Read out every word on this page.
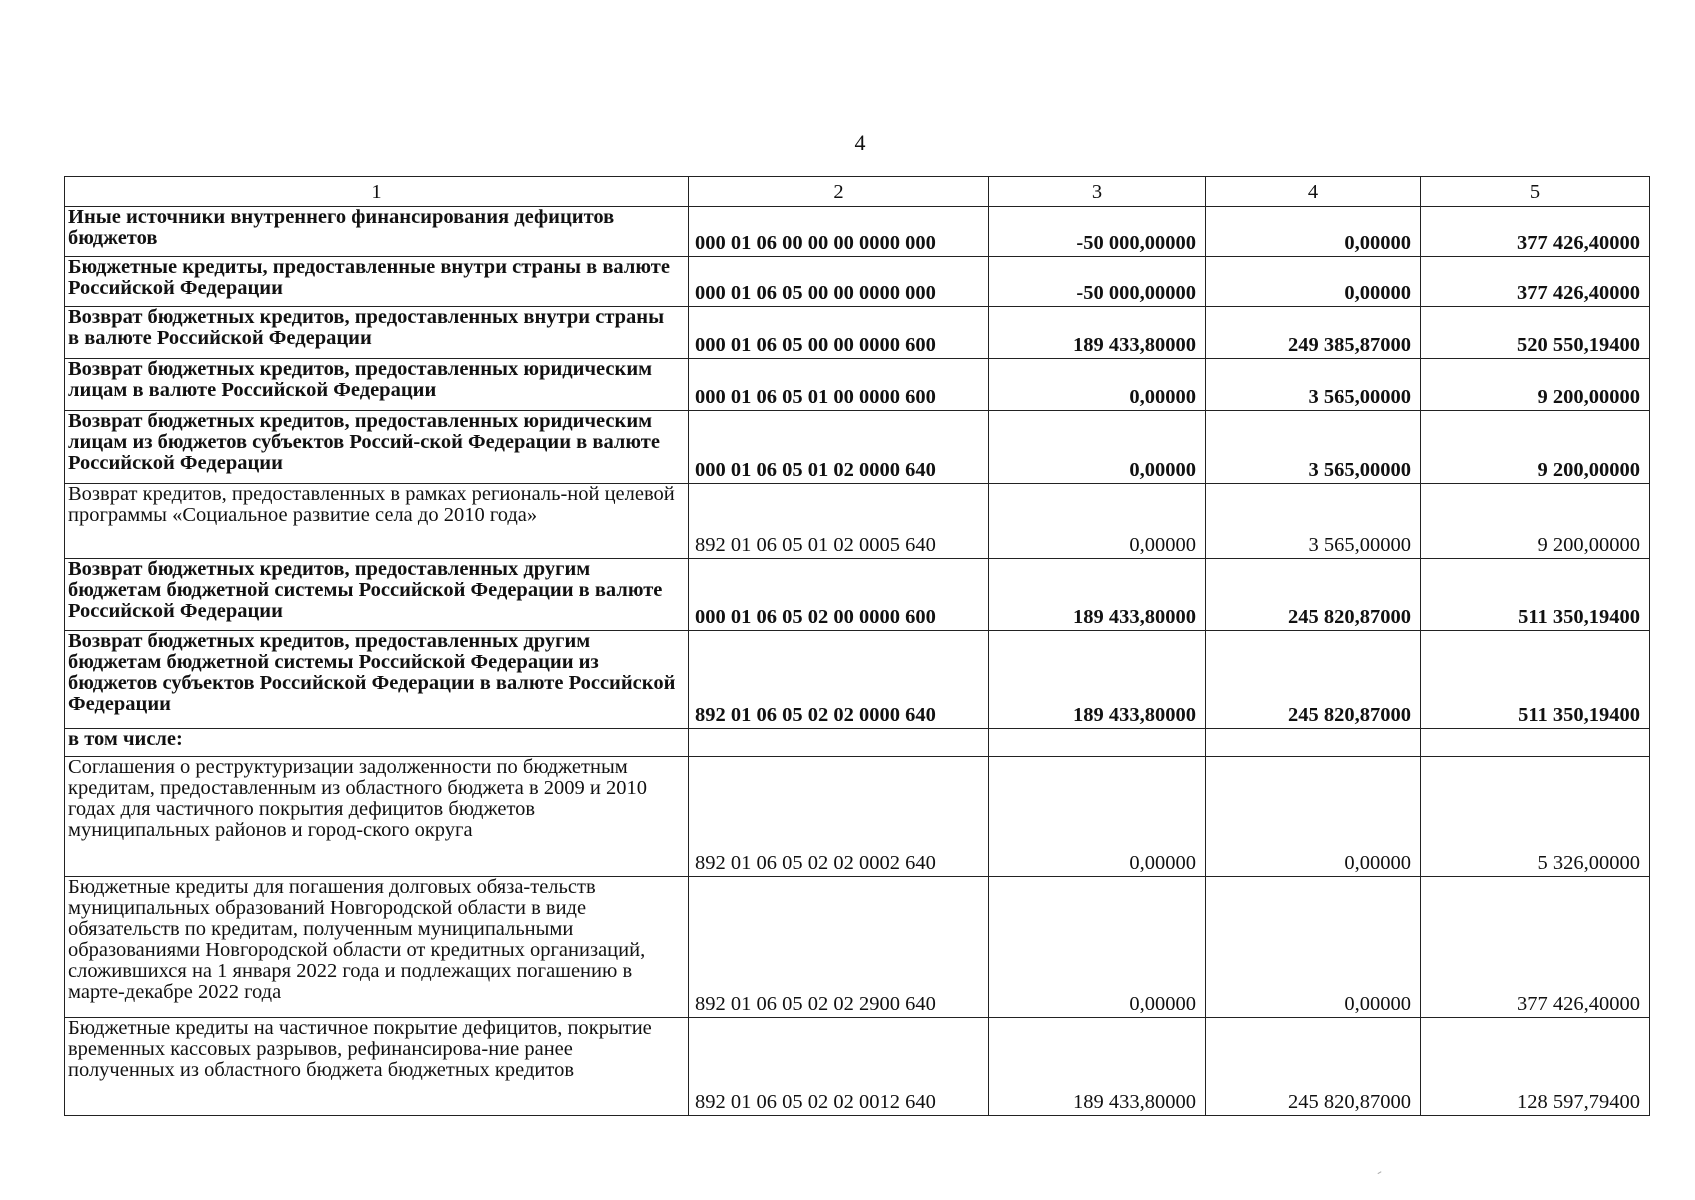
4
1	2	3	4	5
Иные источники внутреннего финансирования дефицитов бюджетов	000 01 06 00 00 00 0000 000	-50 000,00000	0,00000	377 426,40000
Бюджетные кредиты, предоставленные внутри страны в валюте Российской Федерации	000 01 06 05 00 00 0000 000	-50 000,00000	0,00000	377 426,40000
Возврат бюджетных кредитов, предоставленных внутри страны в валюте Российской Федерации	000 01 06 05 00 00 0000 600	189 433,80000	249 385,87000	520 550,19400
Возврат бюджетных кредитов, предоставленных юридическим лицам в валюте Российской Федерации	000 01 06 05 01 00 0000 600	0,00000	3 565,00000	9 200,00000
Возврат бюджетных кредитов, предоставленных юридическим лицам из бюджетов субъектов Россий-ской Федерации в валюте Российской Федерации	000 01 06 05 01 02 0000 640	0,00000	3 565,00000	9 200,00000
Возврат кредитов, предоставленных в рамках региональ-ной целевой программы «Социальное развитие села до 2010 года»	892 01 06 05 01 02 0005 640	0,00000	3 565,00000	9 200,00000
Возврат бюджетных кредитов, предоставленных другим бюджетам бюджетной системы Российской Федерации в валюте Российской Федерации	000 01 06 05 02 00 0000 600	189 433,80000	245 820,87000	511 350,19400
Возврат бюджетных кредитов, предоставленных другим бюджетам бюджетной системы Российской Федерации из бюджетов субъектов Российской Федерации в валюте Российской Федерации	892 01 06 05 02 02 0000 640	189 433,80000	245 820,87000	511 350,19400
в том числе:				
Соглашения о реструктуризации задолженности по бюджетным кредитам, предоставленным из областного бюджета в 2009 и 2010 годах для частичного покрытия дефицитов бюджетов муниципальных районов и город-ского округа	892 01 06 05 02 02 0002 640	0,00000	0,00000	5 326,00000
Бюджетные кредиты для погашения долговых обяза-тельств муниципальных образований Новгородской области в виде обязательств по кредитам, полученным муниципальными образованиями Новгородской области от кредитных организаций, сложившихся на 1 января 2022 года и подлежащих погашению в марте-декабре 2022 года	892 01 06 05 02 02 2900 640	0,00000	0,00000	377 426,40000
Бюджетные кредиты на частичное покрытие дефицитов, покрытие временных кассовых разрывов, рефинансирова-ние ранее полученных из областного бюджета бюджетных кредитов	892 01 06 05 02 02 0012 640	189 433,80000	245 820,87000	128 597,79400
